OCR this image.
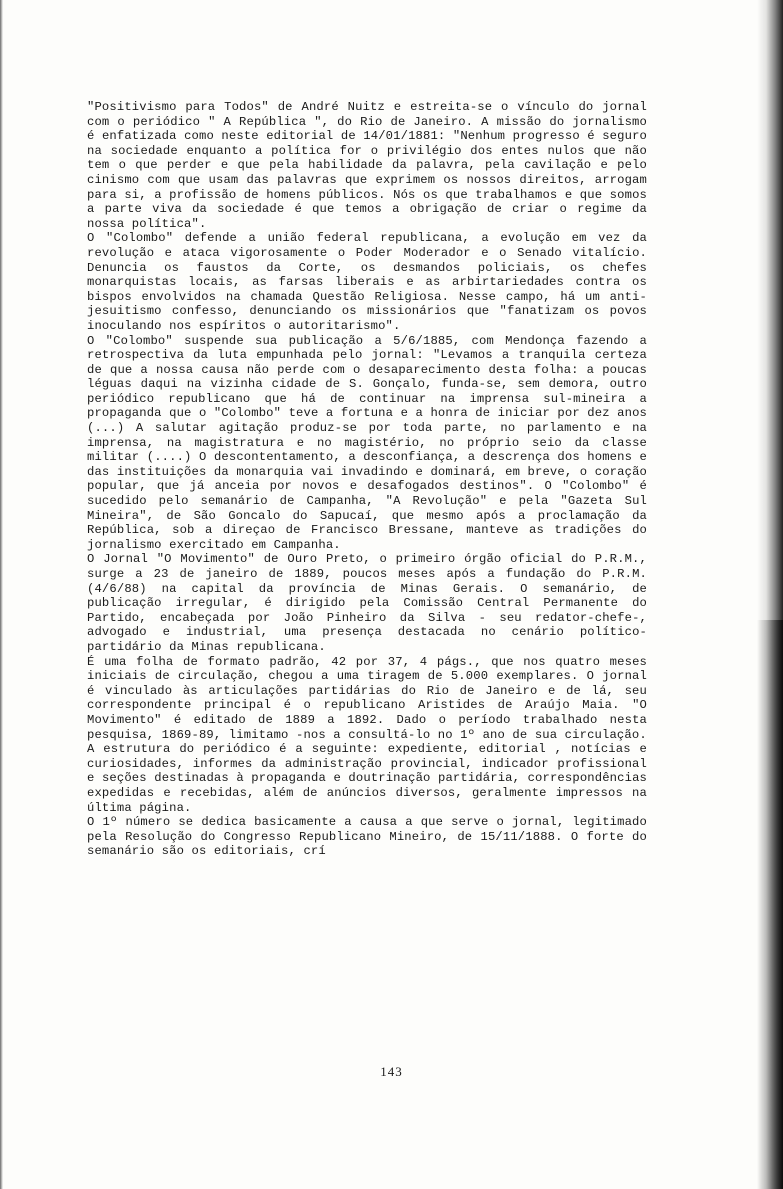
"Positivismo para Todos" de André Nuitz e estreita-se o vínculo do jornal com o periódico " A República ", do Rio de Janeiro. A missão do jornalismo é enfatizada como neste editorial de 14/01/1881: "Nenhum progresso é seguro na sociedade enquanto a política for o privilégio dos entes nulos que não tem o que perder e que pela habilidade da palavra, pela cavilação e pelo cinismo com que usam das palavras que exprimem os nossos direitos, arrogam para si, a profissão de homens públicos. Nós os que trabalhamos e que somos a parte viva da sociedade é que temos a obrigação de criar o regime da nossa política".

O "Colombo" defende a união federal republicana, a evolução em vez da revolução e ataca vigorosamente o Poder Moderador e o Senado vitalício. Denuncia os faustos da Corte, os desmandos policiais, os chefes monarquistas locais, as farsas liberais e as arbirtariedades contra os bispos envolvidos na chamada Questão Religiosa. Nesse campo, há um anti-jesuitismo confesso, denunciando os missionários que "fanatizam os povos inoculando nos espíritos o autoritarismo".

O "Colombo" suspende sua publicação a 5/6/1885, com Mendonça fazendo a retrospectiva da luta empunhada pelo jornal: "Levamos a tranquila certeza de que a nossa causa não perde com o desaparecimento desta folha: a poucas léguas daqui na vizinha cidade de S. Gonçalo, funda-se, sem demora, outro periódico republicano que há de continuar na imprensa sul-mineira a propaganda que o "Colombo" teve a fortuna e a honra de iniciar por dez anos (...) A salutar agitação produz-se por toda parte, no parlamento e na imprensa, na magistratura e no magistério, no próprio seio da classe militar (....) O descontentamento, a desconfiança, a descrença dos homens e das instituições da monarquia vai invadindo e dominará, em breve, o coração popular, que já anceia por novos e desafogados destinos". O "Colombo" é sucedido pelo semanário de Campanha, "A Revolução" e pela "Gazeta Sul Mineira", de São Goncalo do Sapucaí, que mesmo após a proclamação da República, sob a direçao de Francisco Bressane, manteve as tradições do jornalismo exercitado em Campanha.

O Jornal "O Movimento" de Ouro Preto, o primeiro órgão oficial do P.R.M., surge a 23 de janeiro de 1889, poucos meses após a fundação do P.R.M. (4/6/88) na capital da província de Minas Gerais. O semanário, de publicação irregular, é dirigido pela Comissão Central Permanente do Partido, encabeçada por João Pinheiro da Silva - seu redator-chefe-, advogado e industrial, uma presença destacada no cenário político-partidário da Minas republicana.

É uma folha de formato padrão, 42 por 37, 4 págs., que nos quatro meses iniciais de circulação, chegou a uma tiragem de 5.000 exemplares. O jornal é vinculado às articulações partidárias do Rio de Janeiro e de lá, seu correspondente principal é o republicano Aristides de Araújo Maia. "O Movimento" é editado de 1889 a 1892. Dado o período trabalhado nesta pesquisa, 1869-89, limitamo -nos a consultá-lo no 1º ano de sua circulação.

A estrutura do periódico é a seguinte: expediente, editorial , notícias e curiosidades, informes da administração provincial, indicador profissional e seções destinadas à propaganda e doutrinação partidária, correspondências expedidas e recebidas, além de anúncios diversos, geralmente impressos na última página.

O 1º número se dedica basicamente a causa a que serve o jornal, legitimado pela Resolução do Congresso Republicano Mineiro, de 15/11/1888. O forte do semanário são os editoriais, crí

143
